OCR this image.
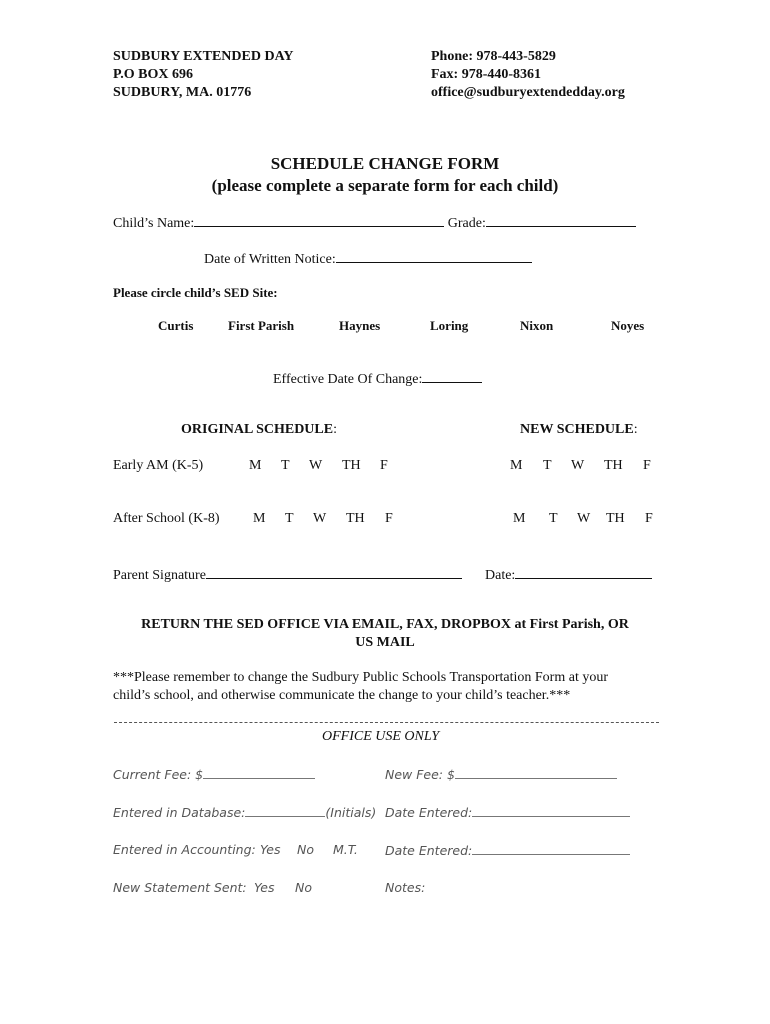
SUDBURY EXTENDED DAY
P.O BOX 696
SUDBURY, MA. 01776
Phone: 978-443-5829
Fax: 978-440-8361
office@sudburyextendedday.org
SCHEDULE CHANGE FORM
(please complete a separate form for each child)
Child’s Name:	Grade:
Date of Written Notice:
Please circle child’s SED Site:
Curtis	First Parish	Haynes	Loring	Nixon	Noyes
Effective Date Of Change:
ORIGINAL SCHEDULE:	NEW SCHEDULE:
Early AM (K-5)	M T W TH F	M T W TH F
After School (K-8) M T W TH F	M T W TH F
Parent Signature	Date:
RETURN THE SED OFFICE VIA EMAIL, FAX, DROPBOX at First Parish, OR
US MAIL
***Please remember to change the Sudbury Public Schools Transportation Form at your
child’s school, and otherwise communicate the change to your child’s teacher.***
OFFICE USE ONLY
Current Fee: $	New Fee: $
Entered in Database:	(Initials) Date Entered:
Entered in Accounting: Yes No M.T. Date Entered:
New Statement Sent: Yes No	Notes:
